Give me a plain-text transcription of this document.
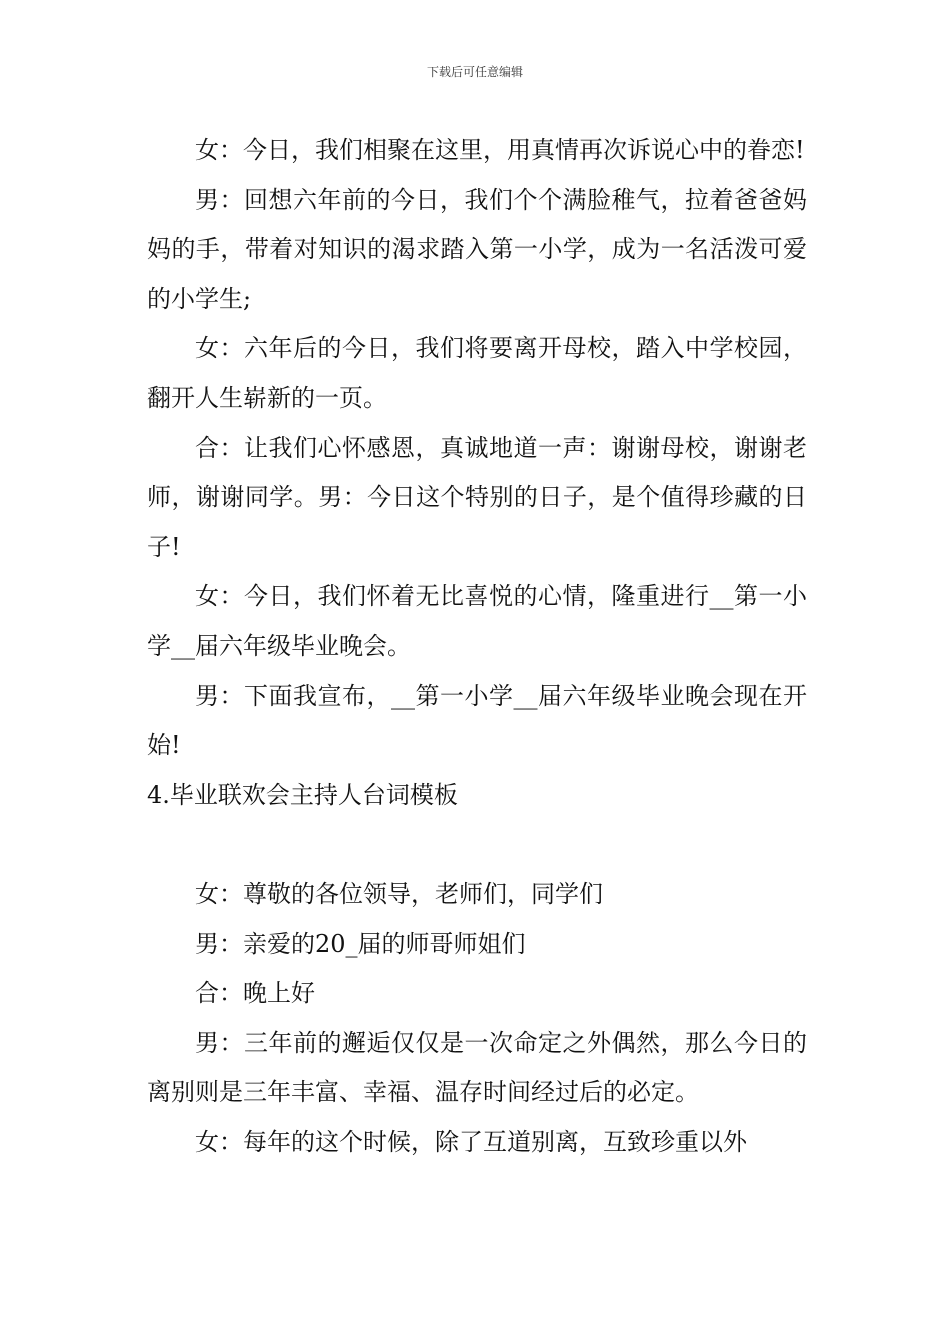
下载后可任意编辑

女：今日，我们相聚在这里，用真情再次诉说心中的眷恋!

男：回想六年前的今日，我们个个满脸稚气，拉着爸爸妈妈的手，带着对知识的渴求踏入第一小学，成为一名活泼可爱的小学生;

女：六年后的今日，我们将要离开母校，踏入中学校园，翻开人生崭新的一页。

合：让我们心怀感恩，真诚地道一声：谢谢母校，谢谢老师，谢谢同学。男：今日这个特别的日子，是个值得珍藏的日子!

女：今日，我们怀着无比喜悦的心情，隆重进行__第一小学__届六年级毕业晚会。

男：下面我宣布，__第一小学__届六年级毕业晚会现在开始!

4.毕业联欢会主持人台词模板

女：尊敬的各位领导，老师们，同学们

男：亲爱的20_届的师哥师姐们

合：晚上好

男：三年前的邂逅仅仅是一次命定之外偶然，那么今日的离别则是三年丰富、幸福、温存时间经过后的必定。

女：每年的这个时候，除了互道别离，互致珍重以外
